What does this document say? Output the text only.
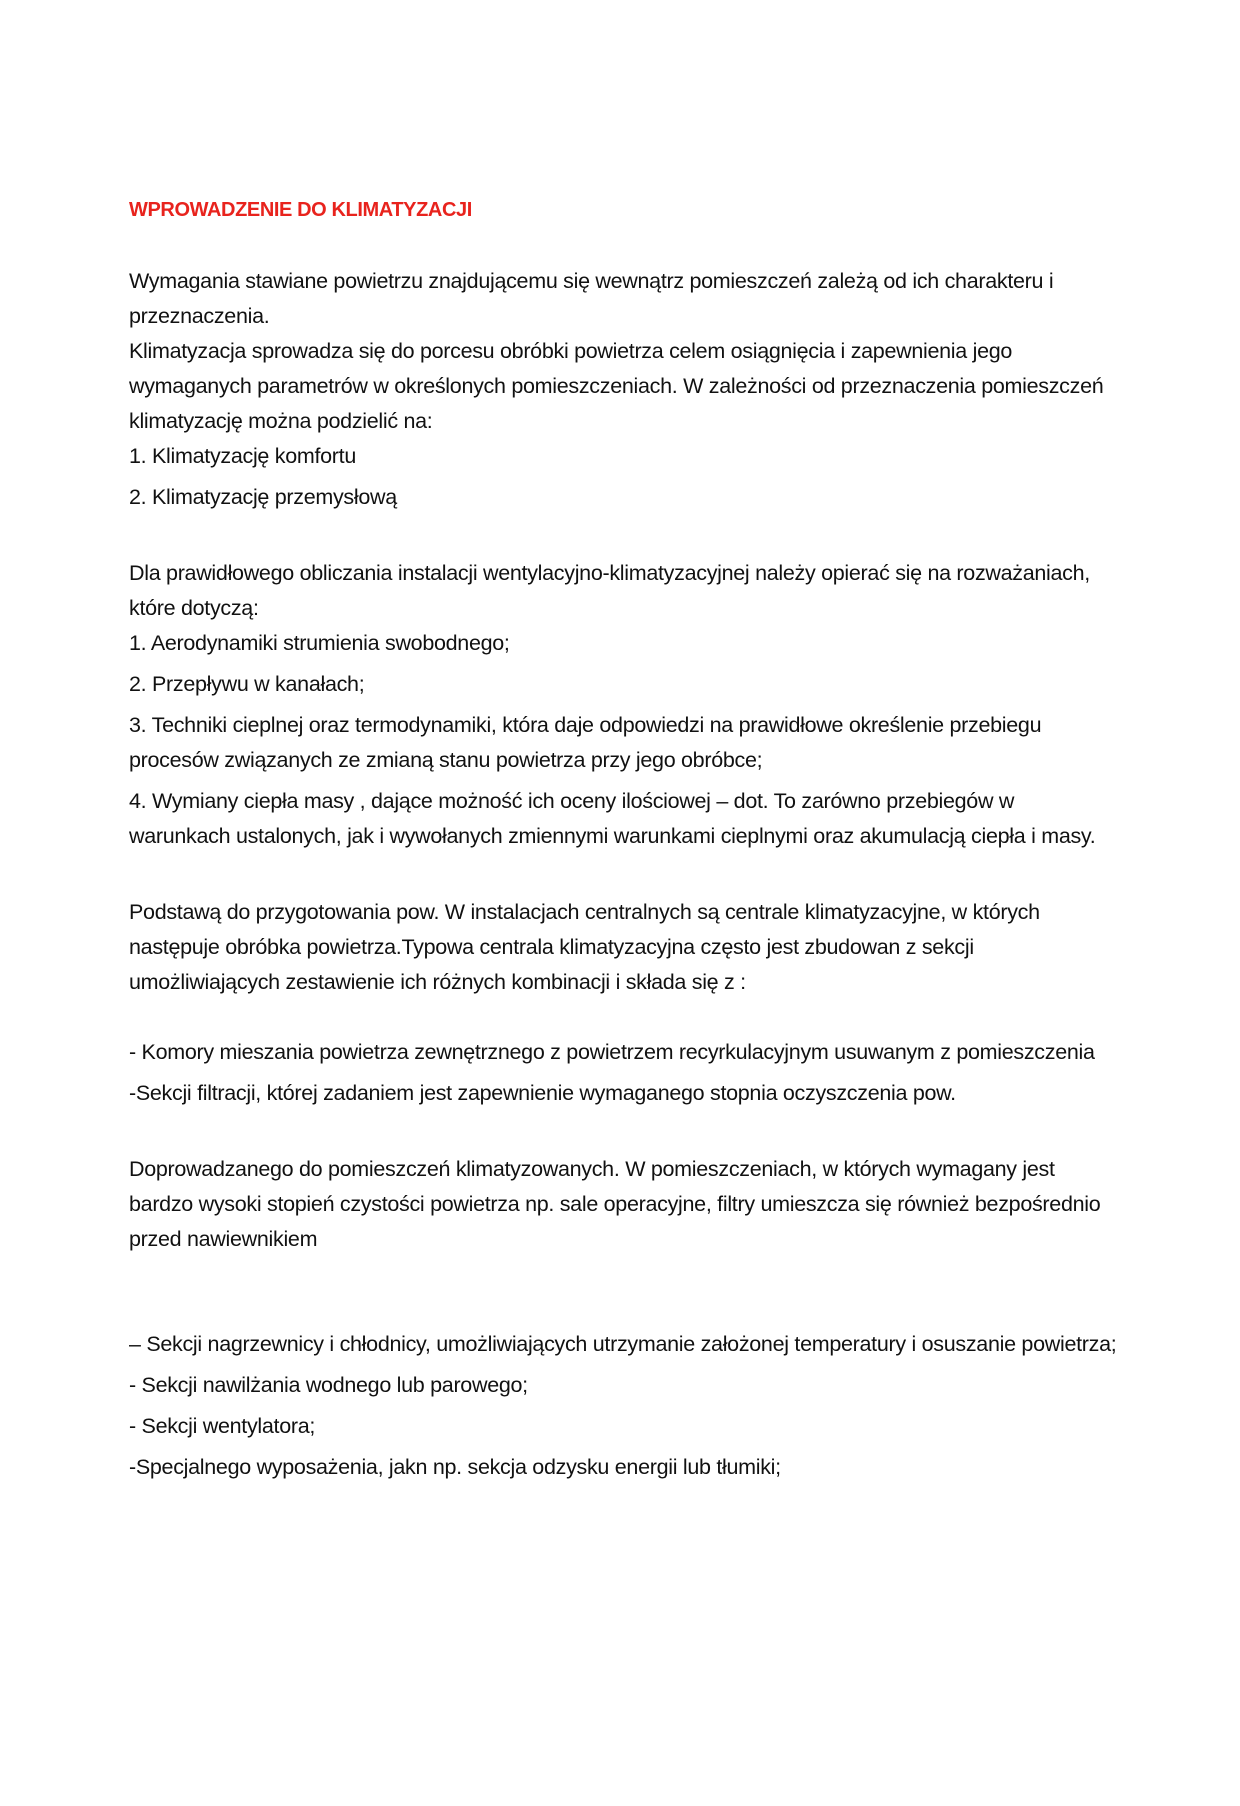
WPROWADZENIE DO KLIMATYZACJI

Wymagania stawiane powietrzu znajdującemu się wewnątrz pomieszczeń zależą od ich charakteru i przeznaczenia.

Klimatyzacja sprowadza się do porcesu obróbki powietrza celem osiągnięcia i zapewnienia jego wymaganych parametrów w określonych pomieszczeniach. W zależności od przeznaczenia pomieszczeń klimatyzację można podzielić na:

1. Klimatyzację komfortu

2. Klimatyzację przemysłową

Dla prawidłowego obliczania instalacji wentylacyjno-klimatyzacyjnej należy opierać się na rozważaniach, które dotyczą:

1. Aerodynamiki strumienia swobodnego;

2. Przepływu w kanałach;

3. Techniki cieplnej oraz termodynamiki, która daje odpowiedzi na prawidłowe określenie przebiegu procesów związanych ze zmianą stanu powietrza przy jego obróbce;

4. Wymiany ciepła masy , dające możność ich oceny ilościowej – dot. To zarówno przebiegów w warunkach ustalonych, jak i wywołanych zmiennymi warunkami cieplnymi oraz akumulacją ciepła i masy.

Podstawą do przygotowania pow. W instalacjach centralnych są centrale klimatyzacyjne, w których następuje obróbka powietrza.Typowa centrala klimatyzacyjna często jest zbudowan z sekcji umożliwiających zestawienie ich różnych kombinacji i składa się z :

- Komory mieszania powietrza zewnętrznego z powietrzem recyrkulacyjnym usuwanym z pomieszczenia

-Sekcji filtracji, której zadaniem jest zapewnienie wymaganego stopnia oczyszczenia pow.

Doprowadzanego do pomieszczeń klimatyzowanych. W pomieszczeniach, w których wymagany jest bardzo wysoki stopień czystości powietrza np. sale operacyjne, filtry umieszcza się również bezpośrednio przed nawiewnikiem

– Sekcji nagrzewnicy i chłodnicy, umożliwiających utrzymanie założonej temperatury i osuszanie powietrza;

- Sekcji nawilżania wodnego lub parowego;

- Sekcji wentylatora;

-Specjalnego wyposażenia, jakn np. sekcja odzysku energii lub tłumiki;
